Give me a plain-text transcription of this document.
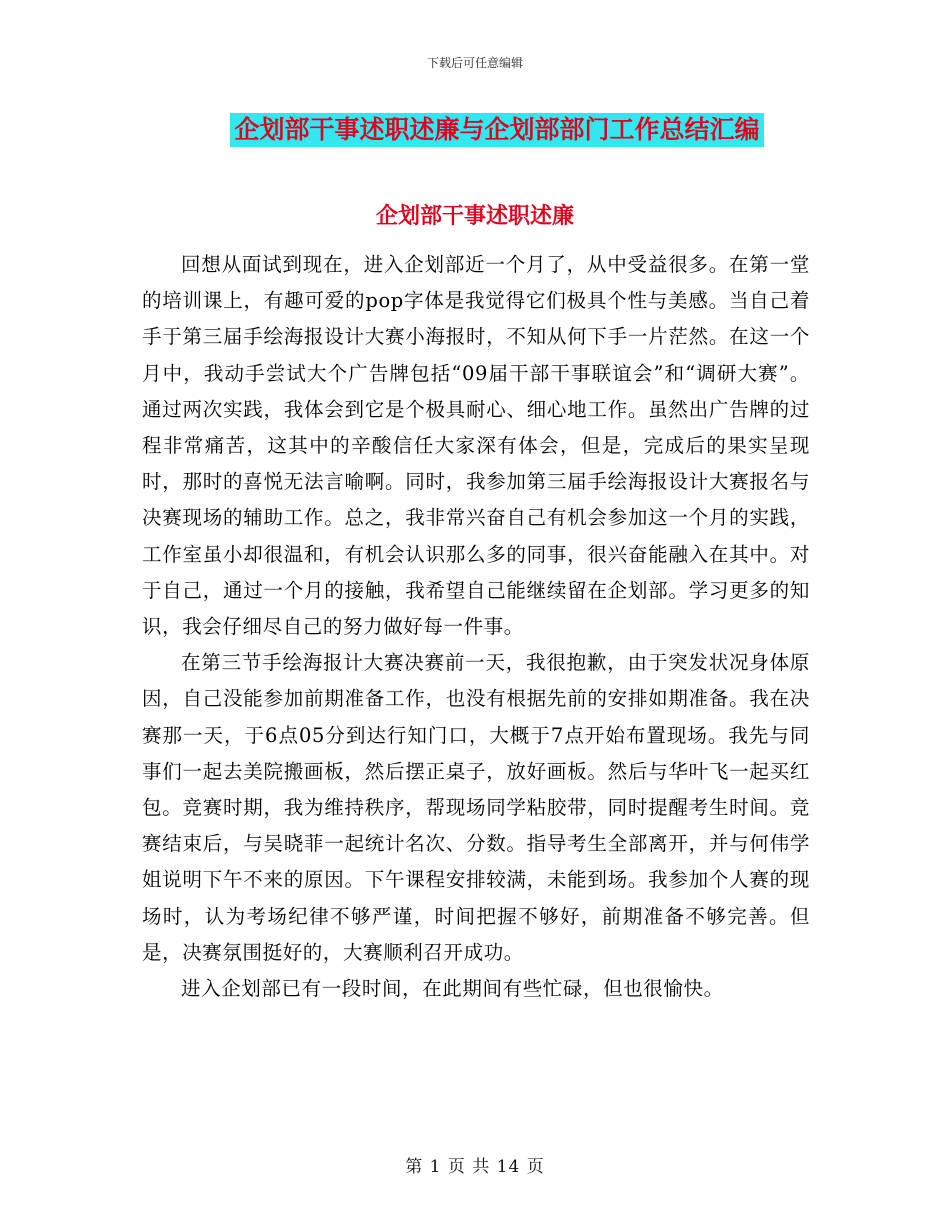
下载后可任意编辑
企划部干事述职述廉与企划部部门工作总结汇编
企划部干事述职述廉

回想从面试到现在，进入企划部近一个月了，从中受益很多。在第一堂的培训课上，有趣可爱的pop字体是我觉得它们极具个性与美感。当自己着手于第三届手绘海报设计大赛小海报时，不知从何下手一片茫然。在这一个月中，我动手尝试大个广告牌包括“09届干部干事联谊会”和“调研大赛”。通过两次实践，我体会到它是个极具耐心、细心地工作。虽然出广告牌的过程非常痛苦，这其中的辛酸信任大家深有体会，但是，完成后的果实呈现时，那时的喜悦无法言喻啊。同时，我参加第三届手绘海报设计大赛报名与决赛现场的辅助工作。总之，我非常兴奋自己有机会参加这一个月的实践，工作室虽小却很温和，有机会认识那么多的同事，很兴奋能融入在其中。对于自己，通过一个月的接触，我希望自己能继续留在企划部。学习更多的知识，我会仔细尽自己的努力做好每一件事。

在第三节手绘海报计大赛决赛前一天，我很抱歉，由于突发状况身体原因，自己没能参加前期准备工作，也没有根据先前的安排如期准备。我在决赛那一天，于6点05分到达行知门口，大概于7点开始布置现场。我先与同事们一起去美院搬画板，然后摆正桌子，放好画板。然后与华叶飞一起买红包。竞赛时期，我为维持秩序，帮现场同学粘胶带，同时提醒考生时间。竞赛结束后，与吴晓菲一起统计名次、分数。指导考生全部离开，并与何伟学姐说明下午不来的原因。下午课程安排较满，未能到场。我参加个人赛的现场时，认为考场纪律不够严谨，时间把握不够好，前期准备不够完善。但是，决赛氛围挺好的，大赛顺利召开成功。

进入企划部已有一段时间，在此期间有些忙碌，但也很愉快。

第 1 页 共 14 页
